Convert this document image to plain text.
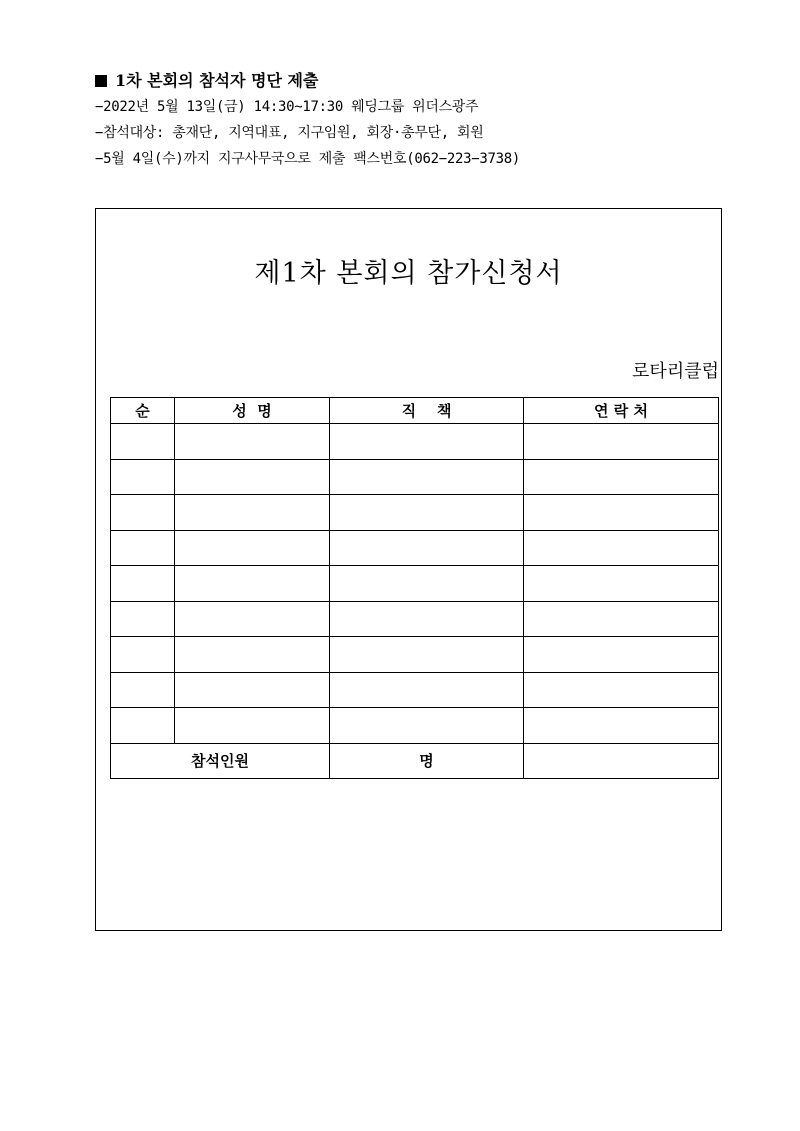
1차 본회의 참석자 명단 제출
−2022년 5월 13일(금) 14:30~17:30 웨딩그룹 위더스광주
−참석대상: 총재단, 지역대표, 지구임원, 회장·총무단, 회원
−5월 4일(수)까지 지구사무국으로 제출 팩스번호(062−223−3738)
제1차 본회의 참가신청서
로타리클럽
순	성  명	직    책	연 락 처

참석인원		명	
